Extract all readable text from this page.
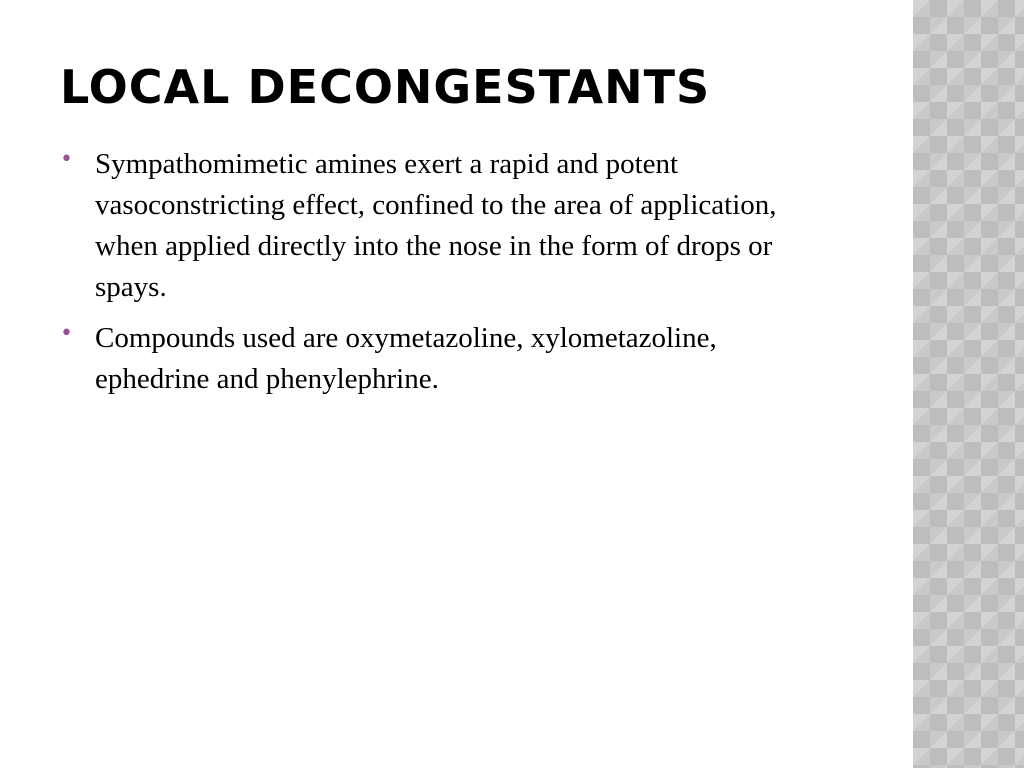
LOCAL DECONGESTANTS
• Sympathomimetic amines exert a rapid and potent vasoconstricting effect, confined to the area of application, when applied directly into the nose in the form of drops or spays.
• Compounds used are oxymetazoline, xylometazoline, ephedrine and phenylephrine.
